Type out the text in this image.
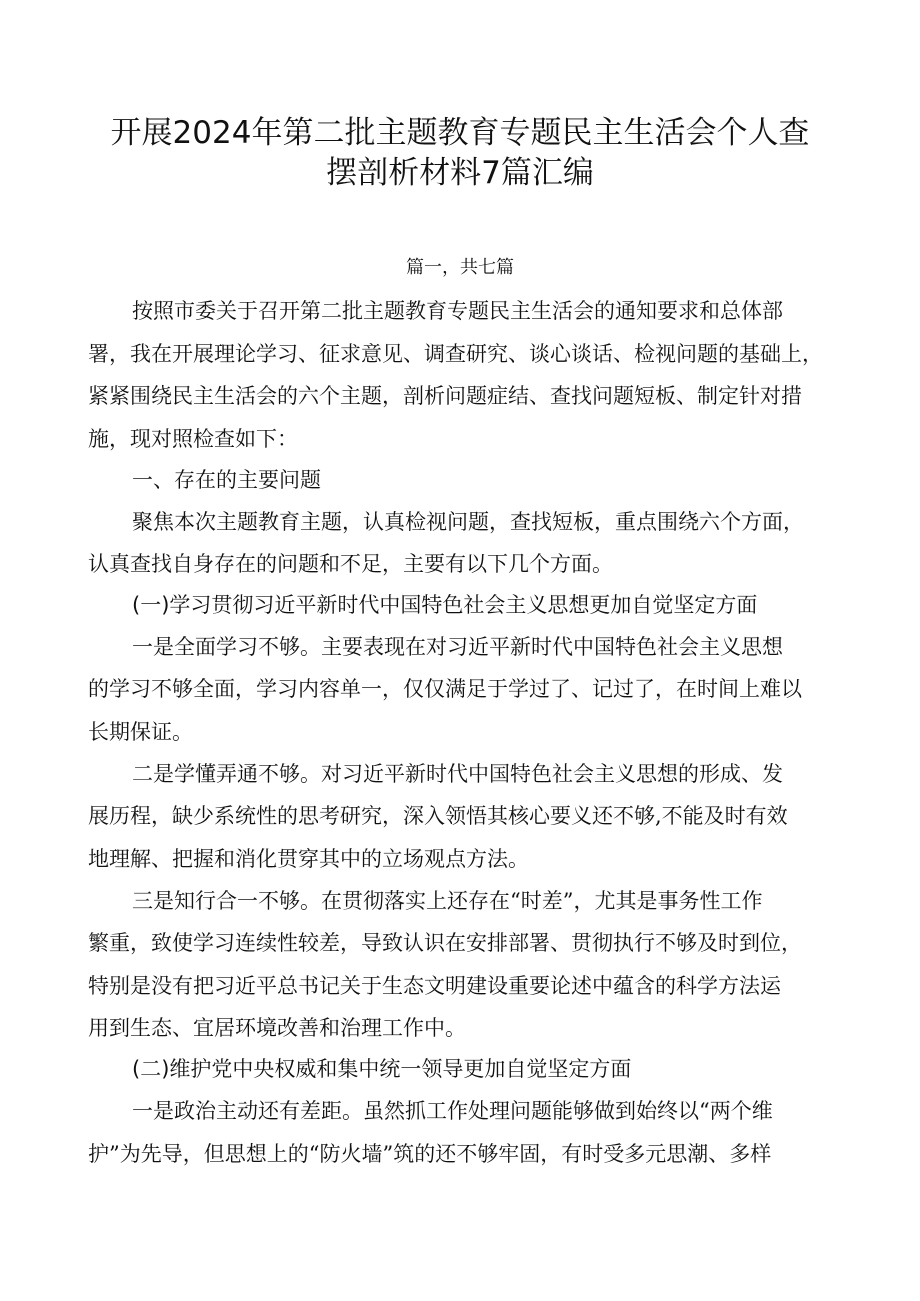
开展2024年第二批主题教育专题民主生活会个人查
摆剖析材料7篇汇编
篇一，共七篇
按照市委关于召开第二批主题教育专题民主生活会的通知要求和总体部
署，我在开展理论学习、征求意见、调查研究、谈心谈话、检视问题的基础上，
紧紧围绕民主生活会的六个主题，剖析问题症结、查找问题短板、制定针对措
施，现对照检查如下：
一、存在的主要问题
聚焦本次主题教育主题，认真检视问题，查找短板，重点围绕六个方面，
认真查找自身存在的问题和不足，主要有以下几个方面。
(一)学习贯彻习近平新时代中国特色社会主义思想更加自觉坚定方面
一是全面学习不够。主要表现在对习近平新时代中国特色社会主义思想
的学习不够全面，学习内容单一，仅仅满足于学过了、记过了，在时间上难以
长期保证。
二是学懂弄通不够。对习近平新时代中国特色社会主义思想的形成、发
展历程，缺少系统性的思考研究，深入领悟其核心要义还不够,不能及时有效
地理解、把握和消化贯穿其中的立场观点方法。
三是知行合一不够。在贯彻落实上还存在“时差”，尤其是事务性工作
繁重，致使学习连续性较差，导致认识在安排部署、贯彻执行不够及时到位，
特别是没有把习近平总书记关于生态文明建设重要论述中蕴含的科学方法运
用到生态、宜居环境改善和治理工作中。
(二)维护党中央权威和集中统一领导更加自觉坚定方面
一是政治主动还有差距。虽然抓工作处理问题能够做到始终以“两个维
护”为先导，但思想上的“防火墙”筑的还不够牢固，有时受多元思潮、多样
